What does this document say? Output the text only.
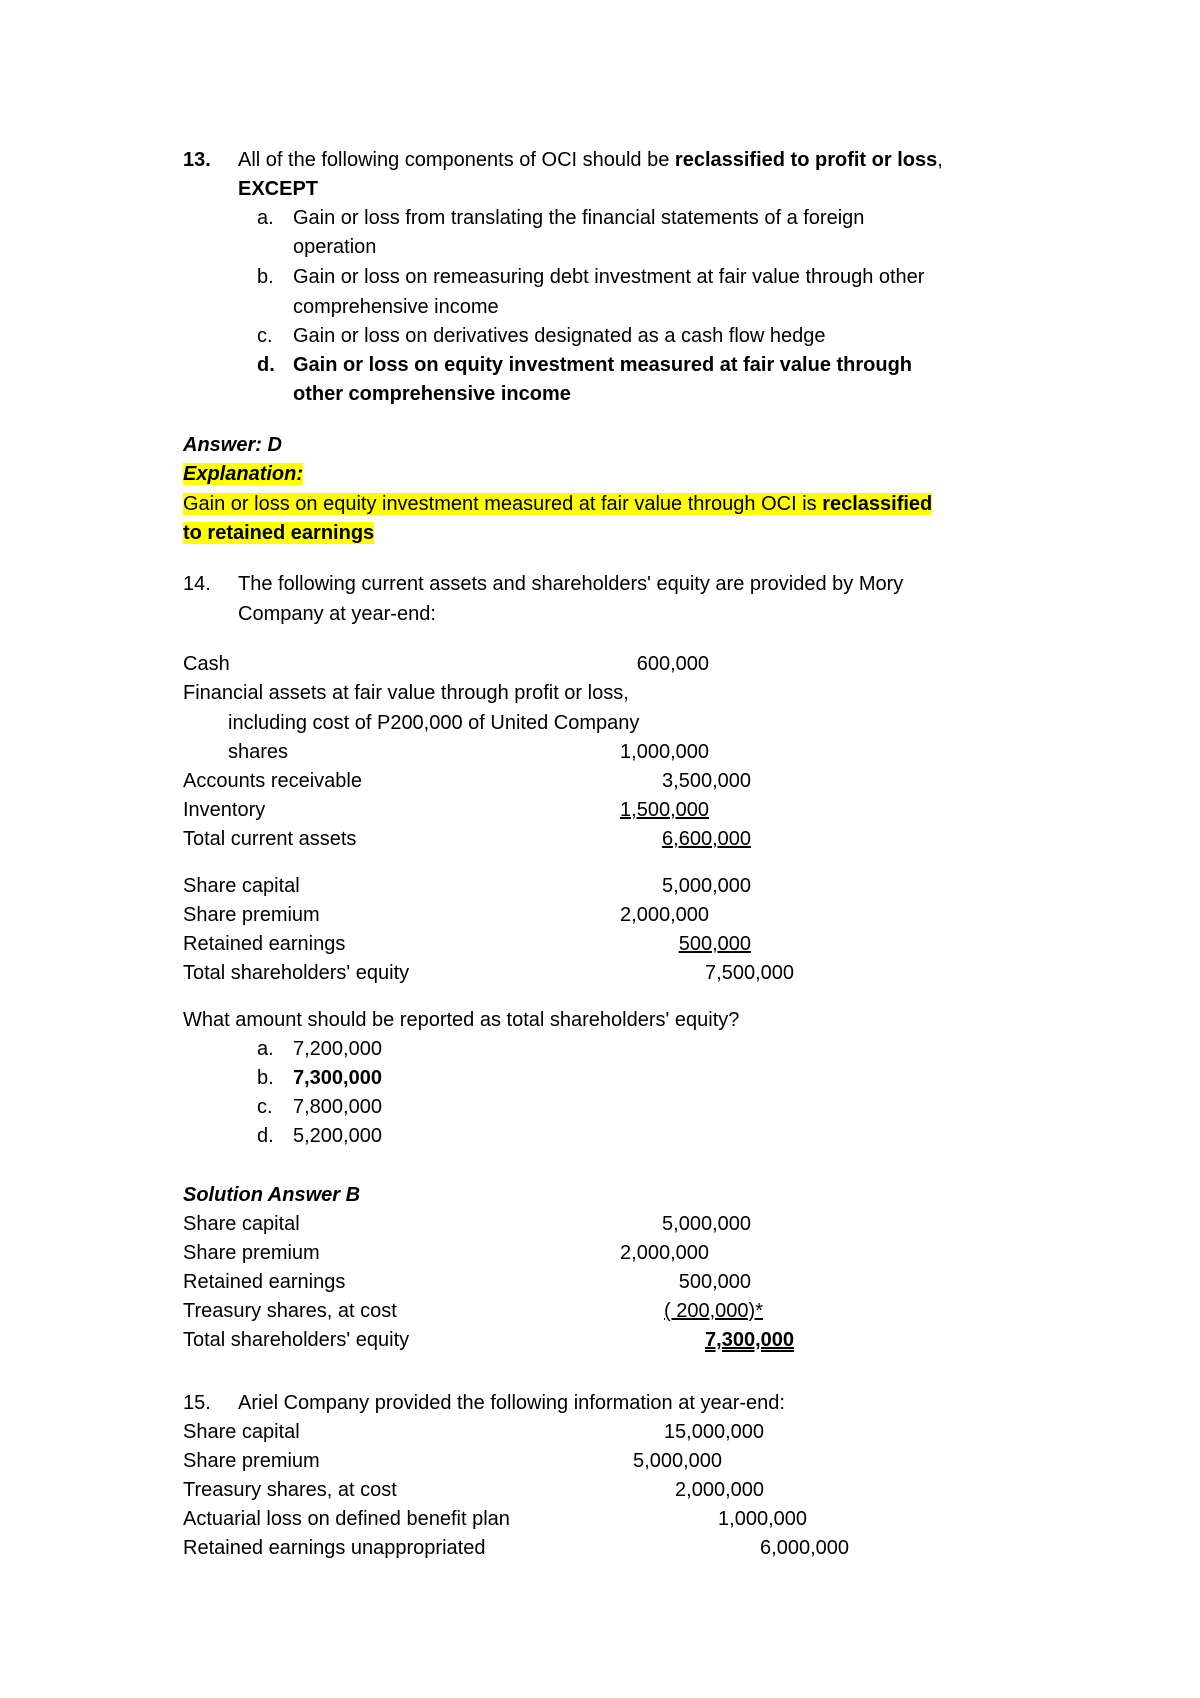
13. All of the following components of OCI should be reclassified to profit or loss,
EXCEPT
a. Gain or loss from translating the financial statements of a foreign
operation
b. Gain or loss on remeasuring debt investment at fair value through other
comprehensive income
c. Gain or loss on derivatives designated as a cash flow hedge
d. Gain or loss on equity investment measured at fair value through
other comprehensive income
Answer: D
Explanation:
Gain or loss on equity investment measured at fair value through OCI is reclassified
to retained earnings
14. The following current assets and shareholders' equity are provided by Mory
Company at year-end:
Cash	600,000
Financial assets at fair value through profit or loss,
including cost of P200,000 of United Company
shares	1,000,000
Accounts receivable	3,500,000
Inventory	1,500,000
Total current assets	6,600,000
Share capital	5,000,000
Share premium	2,000,000
Retained earnings	500,000
Total shareholders' equity	7,500,000
What amount should be reported as total shareholders' equity?
a. 7,200,000
b. 7,300,000
c. 7,800,000
d. 5,200,000
Solution Answer B
Share capital	5,000,000
Share premium	2,000,000
Retained earnings	500,000
Treasury shares, at cost	( 200,000)*
Total shareholders' equity	7,300,000
15. Ariel Company provided the following information at year-end:
Share capital	15,000,000
Share premium	5,000,000
Treasury shares, at cost	2,000,000
Actuarial loss on defined benefit plan	1,000,000
Retained earnings unappropriated	6,000,000
